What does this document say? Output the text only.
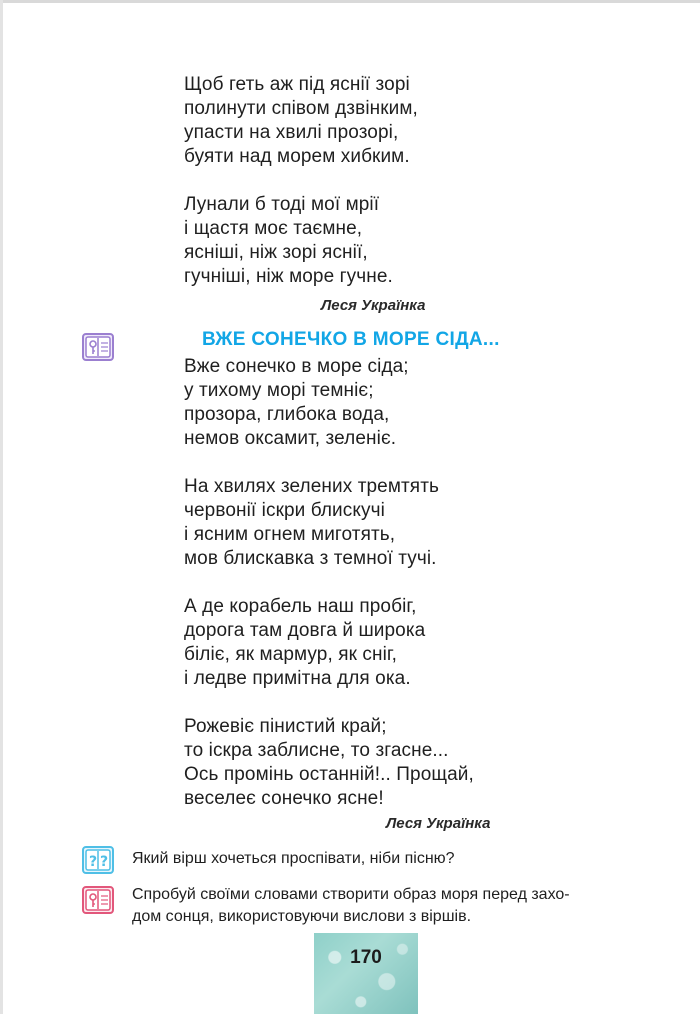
Щоб геть аж під яснії зорі
полинути співом дзвінким,
упасти на хвилі прозорі,
буяти над морем хибким.
Лунали б тоді мої мрії
і щастя моє таємне,
ясніші, ніж зорі яснії,
гучніші, ніж море гучне.
Леся Українка
ВЖЕ СОНЕЧКО В МОРЕ СІДА...
Вже сонечко в море сіда;
у тихому морі темніє;
прозора, глибока вода,
немов оксамит, зеленіє.
На хвилях зелених тремтять
червонії іскри блискучі
і ясним огнем миготять,
мов блискавка з темної тучі.
А де корабель наш пробіг,
дорога там довга й широка
біліє, як мармур, як сніг,
і ледве примітна для ока.
Рожевіє пінистий край;
то іскра заблисне, то згасне...
Ось промінь останній!.. Прощай,
веселеє сонечко ясне!
Леся Українка
? ? Який вірш хочеться проспівати, ніби пісню?
Спробуй своїми словами створити образ моря перед захо-
дом сонця, використовуючи вислови з віршів.
170
